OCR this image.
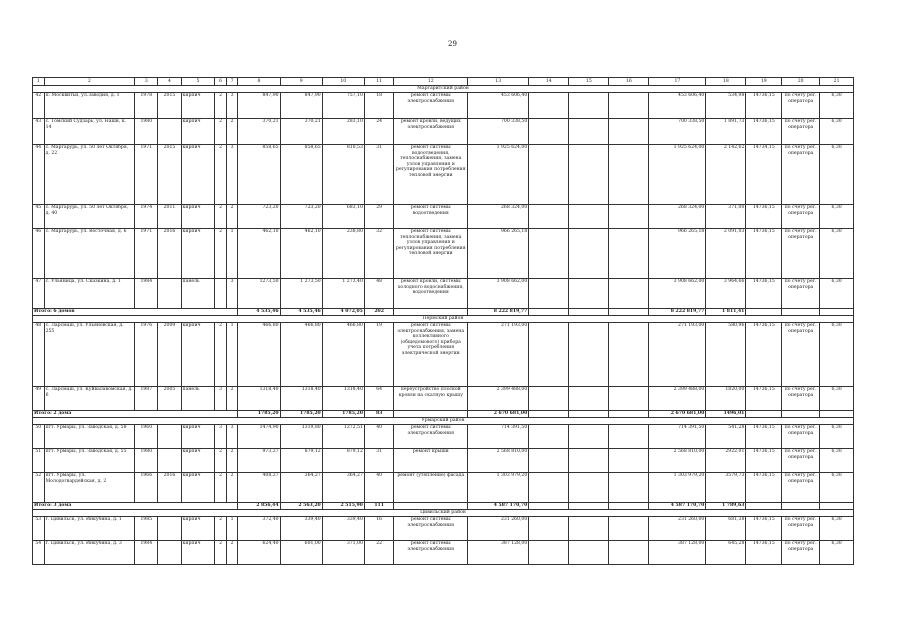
29
1	2	3	4	5	6	7	8	9	10	11	12	13	14	15	16	17	18	19	20	21
Маргаритский район																				
42	п. Москвитьи, ул.Заводия, д. 1	1978	2015	кирпич	2	3	847,90	847,90	757,10	18	ремонт системы электроснабжения	453 606,40				453 606,40	534,98	14736,15	по счету рег. оператора	6,30
43	с. Томский Судзарь, ул. Наши, к. 14	1980		кирпич	2	2	370,21	370,21	283,10	24	ремонт кровли, ведущих электроснабжения	700 338,50				700 338,50	1 891,73	14736,15	по счету рег. оператора	6,30
44	с. Маргарурь, ул. 50 лет Октября, д. 22	1971	2015	кирпич	2	3	858,65	858,65	810,53	31	ремонт системы водоотведения, теплоснабжения, замена узлов управления и регулирования потребления тепловой энергии	1 925 624,00				1 925 624,00	2 142,62	14734,15	по счету рег. оператора	6,30
45	с. Маргарурь, ул. 50 лет Октября, д. 40	1974	2011	кирпич	2	2	723,20	723,20	683,10	29	ремонт системы водоотведения	268 324,00				268 324,00	371,00	14736,15	по счету рег. оператора	6,30
46	с. Маргарурь, ул. Восточная, д. 6	1971	2016	кирпич	2	1	462,10	462,10	238,80	32	ремонт системы теплоснабжения, замена узлов управления и регулирования потребления тепловой энергии	966 265,18				966 265,18	2 091,03	14736,15	по счету рег. оператора	6,30
47	с. Ульяница, ул. Сказкина, д. 1	1984		панель		3	1273,50	1 273,50	1 273,40	48	ремонт кровли, системы холодного водоснабжения, водоотведения	3 908 662,00				3 908 662,00	3 964,66	14736,15	по счету рег. оператора	6,30
Итого: 6 домов							4 535,46	4 535,46	4 072,05	202		8 222 819,77				8 222 819,77	1 811,41			
Пермский район																				
48	с. Ларсмаш, ул. Ульяновская, д. 255	1976	2009	кирпич	2	1	466,80	466,80	466,80	19	ремонт системы электроснабжения, замена коллективного (общедомового) прибора учета потребления электрической энергии	271 193,00				271 193,00	580,96	14736,15	по счету рег. оператора	6,30
49	с. Ларсмаш, ул. Куйвалавомская, д. 6	1987	2005	панель	3	2	1318,40	1318,40	1318,40	64	переустройство плоской кровли на скатную крышу	2 399 488,00				2 399 488,00	1820,00	14736,15	по счету рег. оператора	6,30
Итого: 2 дома							1785,20	1785,20	1785,20	83		2 670 681,00				2 670 681,00	1496,01			
Урмарский район																				
50	пгт. Урмары, ул. Заводская, д. 58	1960		кирпич	3	3	1474,90	1319,80	1272,51	40	ремонт системы электроснабжения	714 391,50				714 391,50	541,28	14736,15	по счету рег. оператора	6,30
51	пгт. Урмары, ул. Заводская, д. 55	1980		кирпич	2	2	973,27	879,12	879,12	31	ремонт крыши	2 568 810,00				2 568 810,00	2922,01	14736,15	по счету рег. оператора	6,30
52	пгт. Урмары, ул. Молодогвардейская, д. 2	1966	2016	кирпич	2	2	408,27	364,27	364,27	40	ремонт (утепление) фасада	1 303 979,20				1 303 979,20	3579,73	14736,15	по счету рег. оператора	6,30
Итого: 3 дома							2 856,44	2 563,20	2 515,90	111		4 587 170,70				4 587 170,70	1 789,63			
Цивильский район																				
53	г. Цивильск, ул. Инкубина, д. 1	1985		кирпич	2	1	372,40	339,40	339,40	16	ремонт системы электроснабжения	231 260,00				231 260,00	681,38	14736,15	по счету рег. оператора	6,30
54	г. Цивильск, ул. Инкубина, д. 3	1984		кирпич	2	2	624,40	601,00	371,00	22	ремонт системы электроснабжения	387 128,00				387 128,00	645,28	14736,15	по счету рег. оператора	6,30
